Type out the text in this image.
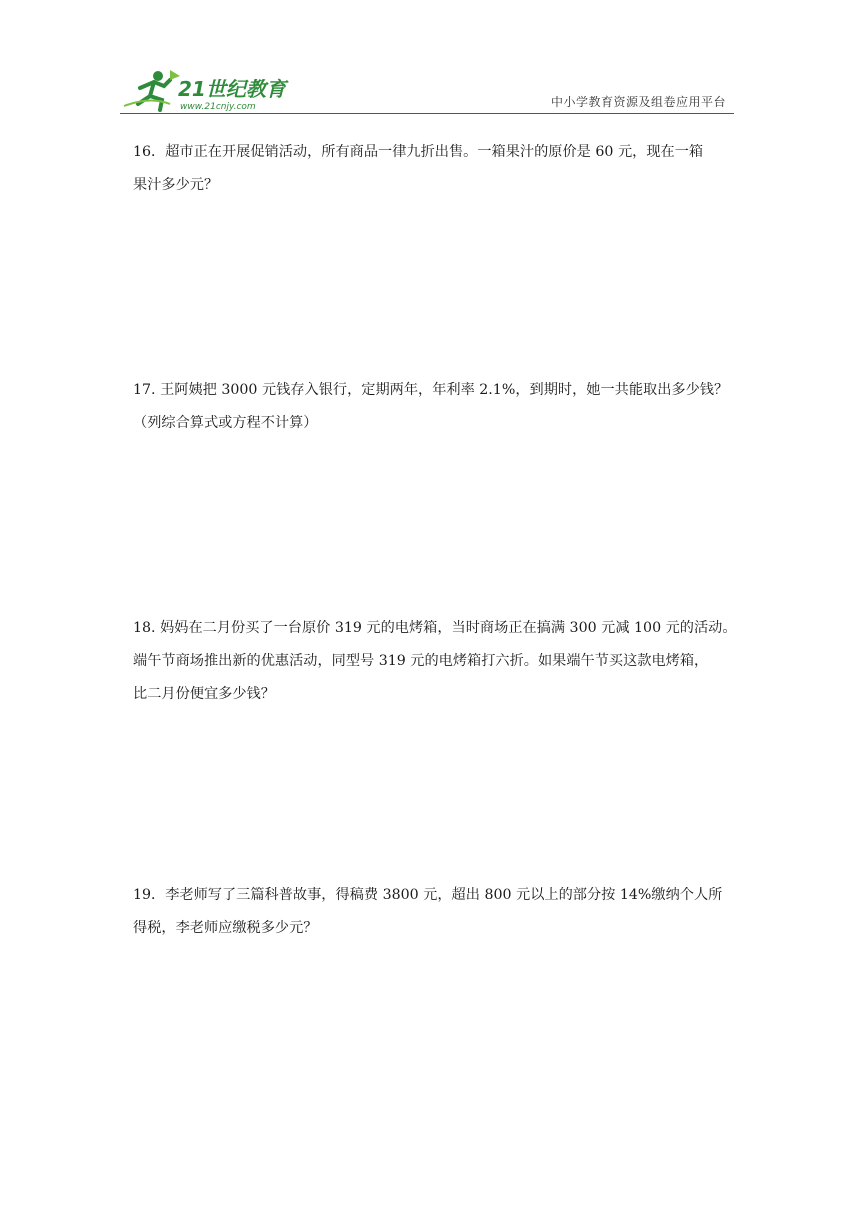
21世纪教育
www.21cnjy.com	中小学教育资源及组卷应用平台
16．超市正在开展促销活动，所有商品一律九折出售。一箱果汁的原价是 60 元，现在一箱
果汁多少元？
17. 王阿姨把 3000 元钱存入银行，定期两年，年利率 2.1%，到期时，她一共能取出多少钱？
（列综合算式或方程不计算）
18. 妈妈在二月份买了一台原价 319 元的电烤箱，当时商场正在搞满 300 元减 100 元的活动。
端午节商场推出新的优惠活动，同型号 319 元的电烤箱打六折。如果端午节买这款电烤箱，
比二月份便宜多少钱？
19．李老师写了三篇科普故事，得稿费 3800 元，超出 800 元以上的部分按 14%缴纳个人所
得税，李老师应缴税多少元？
